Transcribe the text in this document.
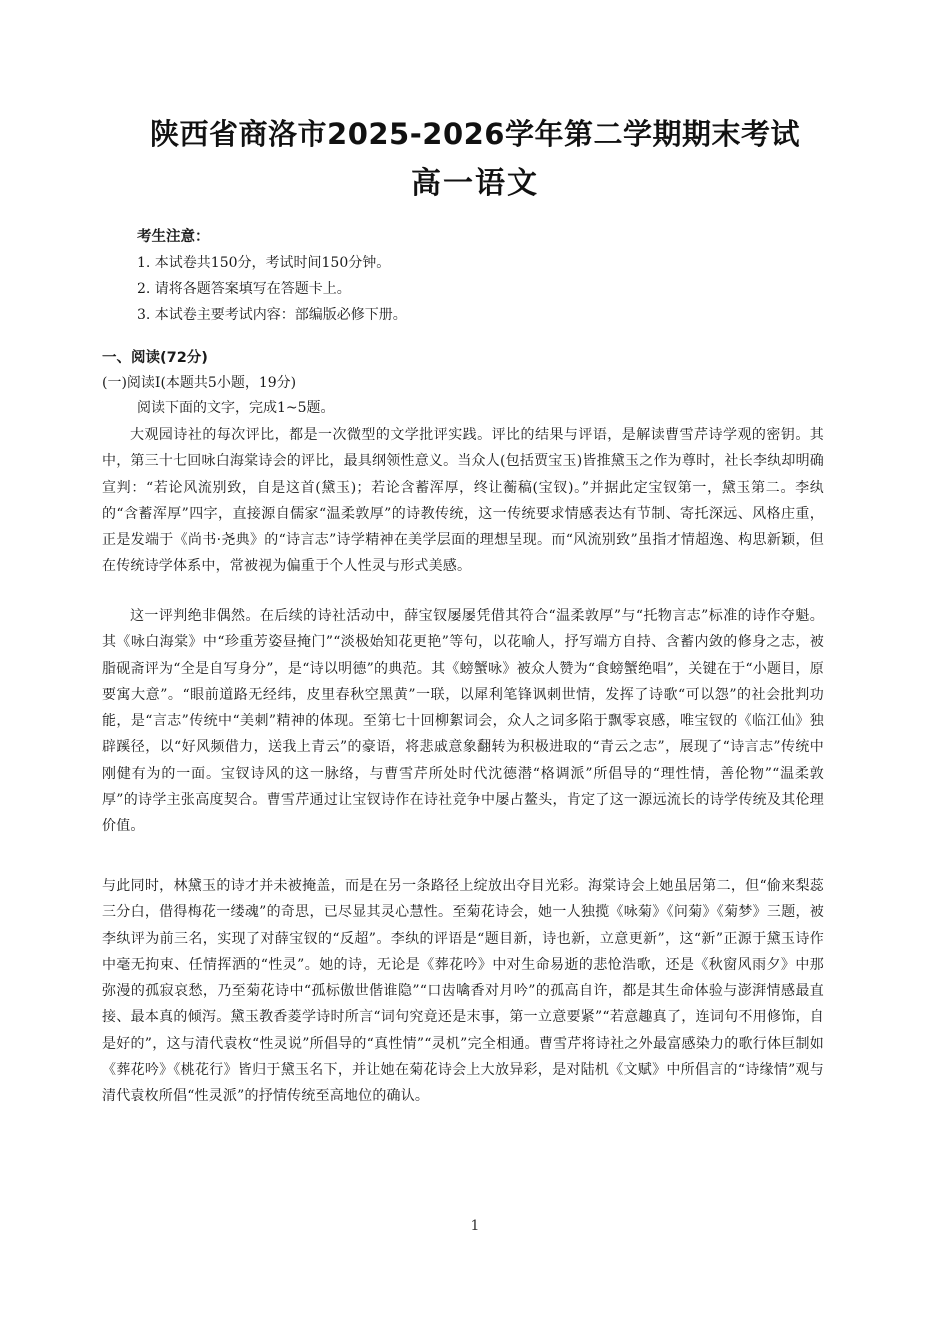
陕西省商洛市2025-2026学年第二学期期末考试
高一语文
考生注意：
1. 本试卷共150分，考试时间150分钟。
2. 请将各题答案填写在答题卡上。
3. 本试卷主要考试内容：部编版必修下册。
一、阅读(72分)
(一)阅读Ⅰ(本题共5小题，19分)
阅读下面的文字，完成1~5题。
大观园诗社的每次评比，都是一次微型的文学批评实践。评比的结果与评语，是解读曹雪芹诗学观的密钥。其中，第三十七回咏白海棠诗会的评比，最具纲领性意义。当众人(包括贾宝玉)皆推黛玉之作为尊时，社长李纨却明确宣判：“若论风流别致，自是这首(黛玉)；若论含蓄浑厚，终让蘅稿(宝钗)。”并据此定宝钗第一，黛玉第二。李纨的“含蓄浑厚”四字，直接源自儒家“温柔敦厚”的诗教传统，这一传统要求情感表达有节制、寄托深远、风格庄重，正是发端于《尚书·尧典》的“诗言志”诗学精神在美学层面的理想呈现。而“风流别致”虽指才情超逸、构思新颖，但在传统诗学体系中，常被视为偏重于个人性灵与形式美感。
这一评判绝非偶然。在后续的诗社活动中，薛宝钗屡屡凭借其符合“温柔敦厚”与“托物言志”标准的诗作夺魁。其《咏白海棠》中“珍重芳姿昼掩门”“淡极始知花更艳”等句，以花喻人，抒写端方自持、含蓄内敛的修身之志，被脂砚斋评为“全是自写身分”，是“诗以明德”的典范。其《螃蟹咏》被众人赞为“食螃蟹绝唱”，关键在于“小题目，原要寓大意”。“眼前道路无经纬，皮里春秋空黑黄”一联，以犀利笔锋讽刺世情，发挥了诗歌“可以怨”的社会批判功能，是“言志”传统中“美刺”精神的体现。至第七十回柳絮词会，众人之词多陷于飘零哀感，唯宝钗的《临江仙》独辟蹊径，以“好风频借力，送我上青云”的豪语，将悲戚意象翻转为积极进取的“青云之志”，展现了“诗言志”传统中刚健有为的一面。宝钗诗风的这一脉络，与曹雪芹所处时代沈德潜“格调派”所倡导的“理性情，善伦物”“温柔敦厚”的诗学主张高度契合。曹雪芹通过让宝钗诗作在诗社竞争中屡占鳌头，肯定了这一源远流长的诗学传统及其伦理价值。
与此同时，林黛玉的诗才并未被掩盖，而是在另一条路径上绽放出夺目光彩。海棠诗会上她虽居第二，但“偷来梨蕊三分白，借得梅花一缕魂”的奇思，已尽显其灵心慧性。至菊花诗会，她一人独揽《咏菊》《问菊》《菊梦》三题，被李纨评为前三名，实现了对薛宝钗的“反超”。李纨的评语是“题目新，诗也新，立意更新”，这“新”正源于黛玉诗作中毫无拘束、任情挥洒的“性灵”。她的诗，无论是《葬花吟》中对生命易逝的悲怆浩歌，还是《秋窗风雨夕》中那弥漫的孤寂哀愁，乃至菊花诗中“孤标傲世偕谁隐”“口齿噙香对月吟”的孤高自许，都是其生命体验与澎湃情感最直接、最本真的倾泻。黛玉教香菱学诗时所言“词句究竟还是末事，第一立意要紧”“若意趣真了，连词句不用修饰，自是好的”，这与清代袁枚“性灵说”所倡导的“真性情”“灵机”完全相通。曹雪芹将诗社之外最富感染力的歌行体巨制如《葬花吟》《桃花行》皆归于黛玉名下，并让她在菊花诗会上大放异彩，是对陆机《文赋》中所倡言的“诗缘情”观与清代袁枚所倡“性灵派”的抒情传统至高地位的确认。
1
